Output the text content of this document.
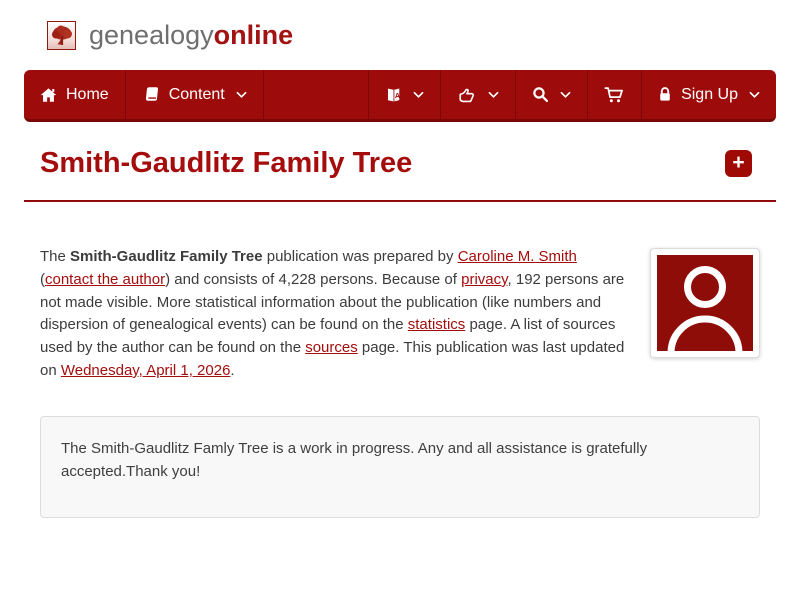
genealogyonline
Home	Content	A	Sign Up
Smith-Gaudlitz Family Tree	+

The Smith-Gaudlitz Family Tree publication was prepared by Caroline M. Smith (contact the author) and consists of 4,228 persons. Because of privacy, 192 persons are not made visible. More statistical information about the publication (like numbers and dispersion of genealogical events) can be found on the statistics page. A list of sources used by the author can be found on the sources page. This publication was last updated on Wednesday, April 1, 2026.

The Smith-Gaudlitz Famly Tree is a work in progress. Any and all assistance is gratefully accepted.Thank you!
